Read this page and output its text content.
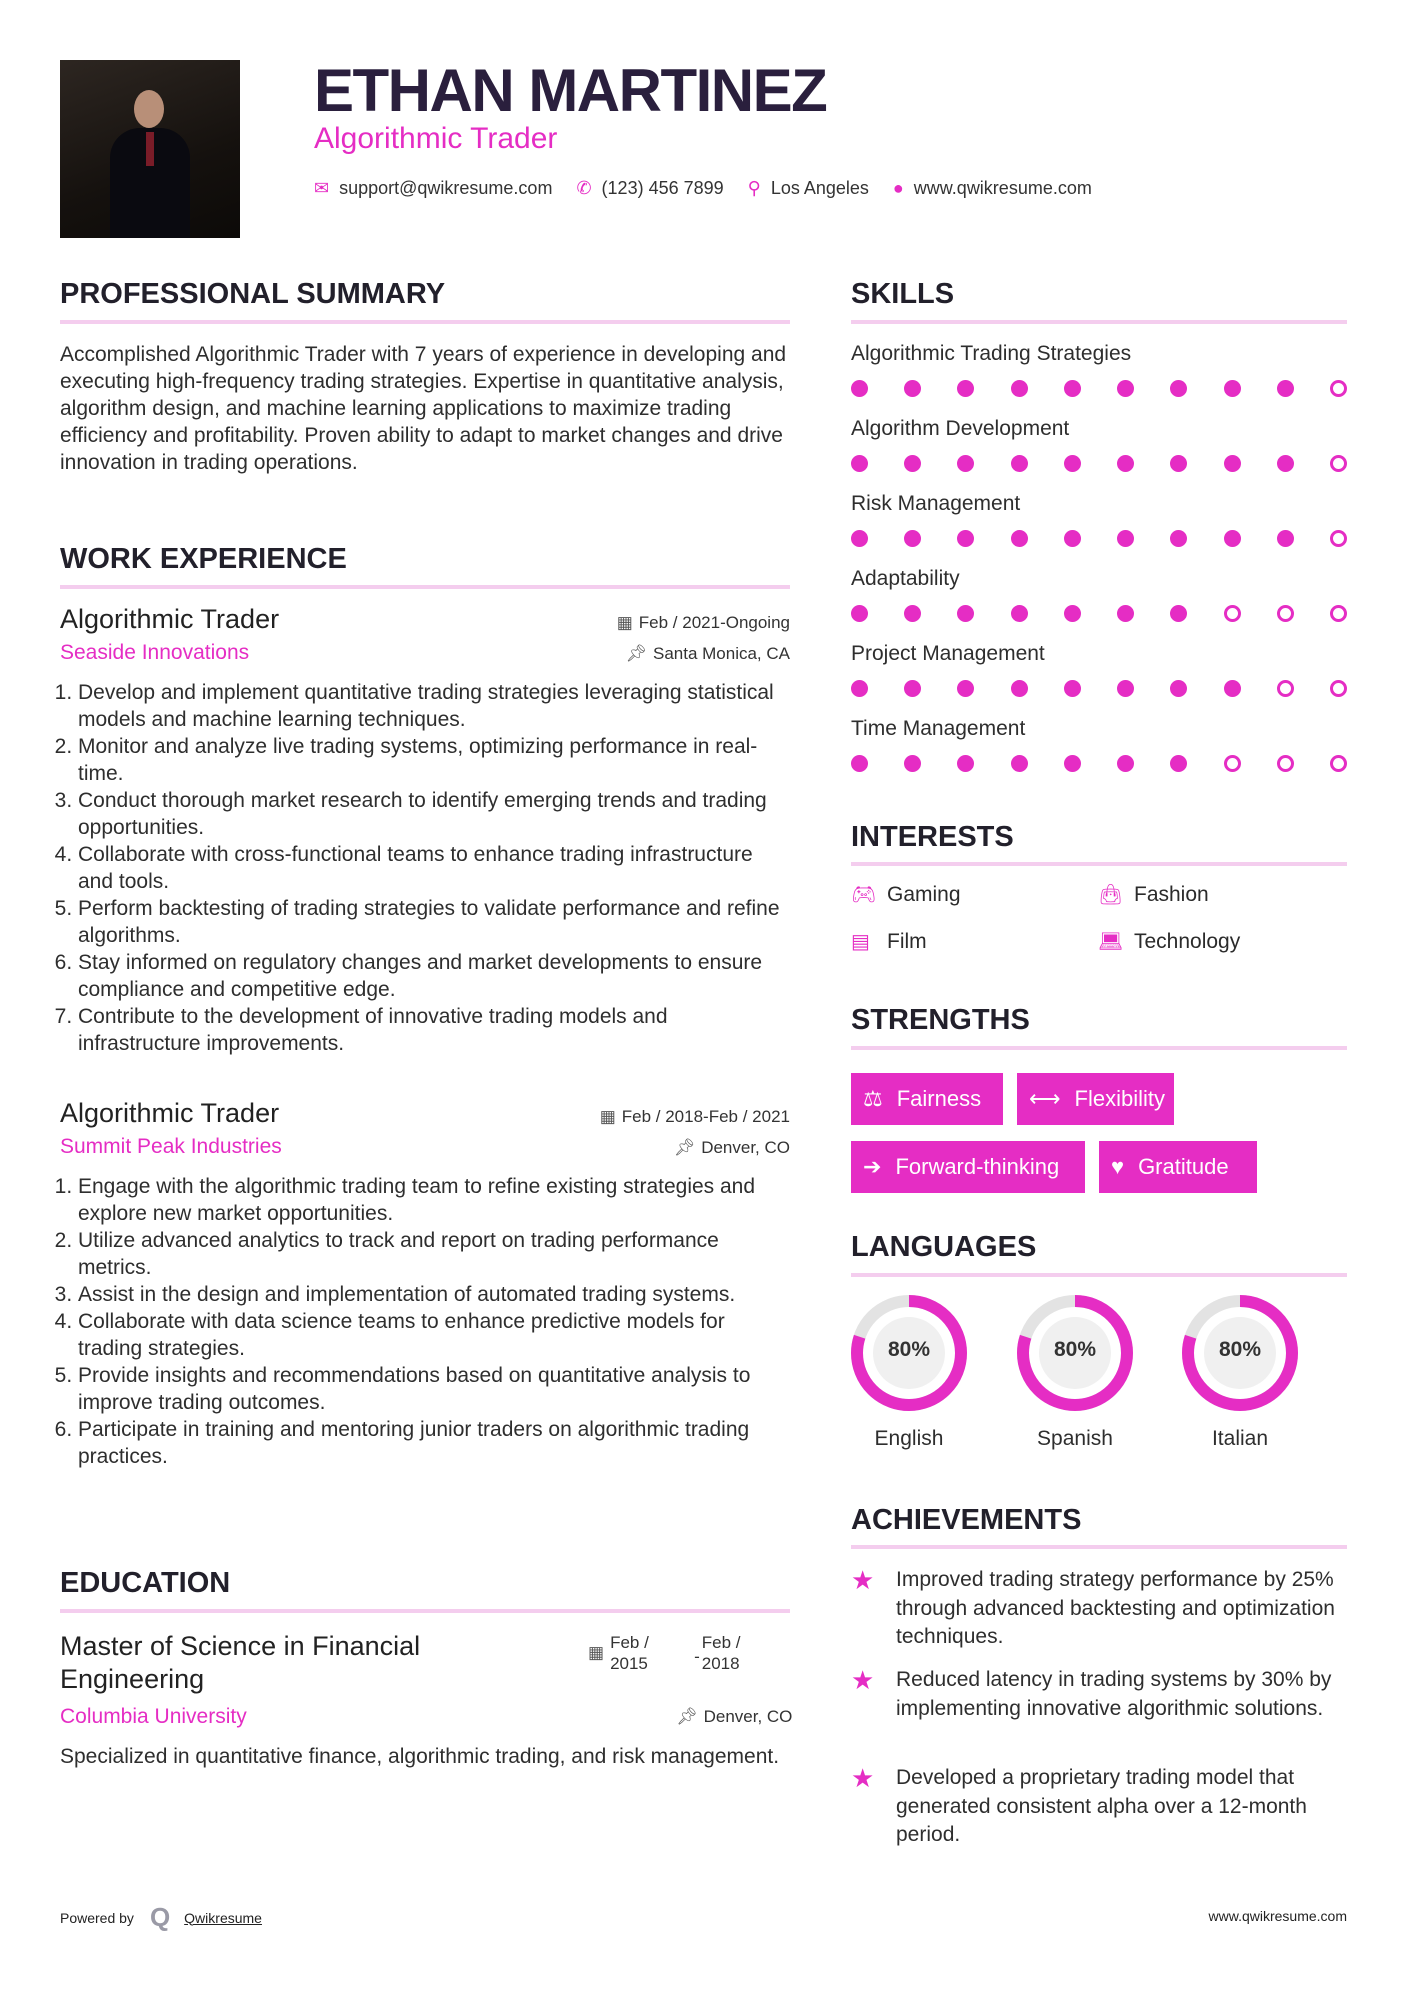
ETHAN MARTINEZ
Algorithmic Trader
✉ support@qwikresume.com ✆ (123) 456 7899 ⚲ Los Angeles ● www.qwikresume.com
PROFESSIONAL SUMMARY
Accomplished Algorithmic Trader with 7 years of experience in developing and executing high-frequency trading strategies. Expertise in quantitative analysis, algorithm design, and machine learning applications to maximize trading efficiency and profitability. Proven ability to adapt to market changes and drive innovation in trading operations.
WORK EXPERIENCE
Algorithmic Trader	▦ Feb / 2021-Ongoing
Seaside Innovations	📌︎ Santa Monica, CA
1. Develop and implement quantitative trading strategies leveraging statistical models and machine learning techniques.
2. Monitor and analyze live trading systems, optimizing performance in real-time.
3. Conduct thorough market research to identify emerging trends and trading opportunities.
4. Collaborate with cross-functional teams to enhance trading infrastructure and tools.
5. Perform backtesting of trading strategies to validate performance and refine algorithms.
6. Stay informed on regulatory changes and market developments to ensure compliance and competitive edge.
7. Contribute to the development of innovative trading models and infrastructure improvements.
Algorithmic Trader	▦ Feb / 2018-Feb / 2021
Summit Peak Industries	📌︎ Denver, CO
1. Engage with the algorithmic trading team to refine existing strategies and explore new market opportunities.
2. Utilize advanced analytics to track and report on trading performance metrics.
3. Assist in the design and implementation of automated trading systems.
4. Collaborate with data science teams to enhance predictive models for trading strategies.
5. Provide insights and recommendations based on quantitative analysis to improve trading outcomes.
6. Participate in training and mentoring junior traders on algorithmic trading practices.
EDUCATION
Master of Science in Financial Engineering
▦
Feb / 2015	-
Feb / 2018
Columbia University	📌︎ Denver, CO
Specialized in quantitative finance, algorithmic trading, and risk management.
SKILLS
Algorithmic Trading Strategies
Algorithm Development
Risk Management
Adaptability
Project Management
Time Management
INTERESTS
🎮︎ Gaming	👜︎ Fashion
▤ Film	💻︎ Technology
STRENGTHS
⚖ Fairness ⟷ Flexibility
➔ Forward-thinking ♥ Gratitude
LANGUAGES
80%
English
80%
Spanish
80%
Italian
ACHIEVEMENTS
★	Improved trading strategy performance by 25% through advanced backtesting and optimization techniques.
★	Reduced latency in trading systems by 30% by implementing innovative algorithmic solutions.
★	Developed a proprietary trading model that generated consistent alpha over a 12-month period.
Powered by Q Qwikresume	www.qwikresume.com
